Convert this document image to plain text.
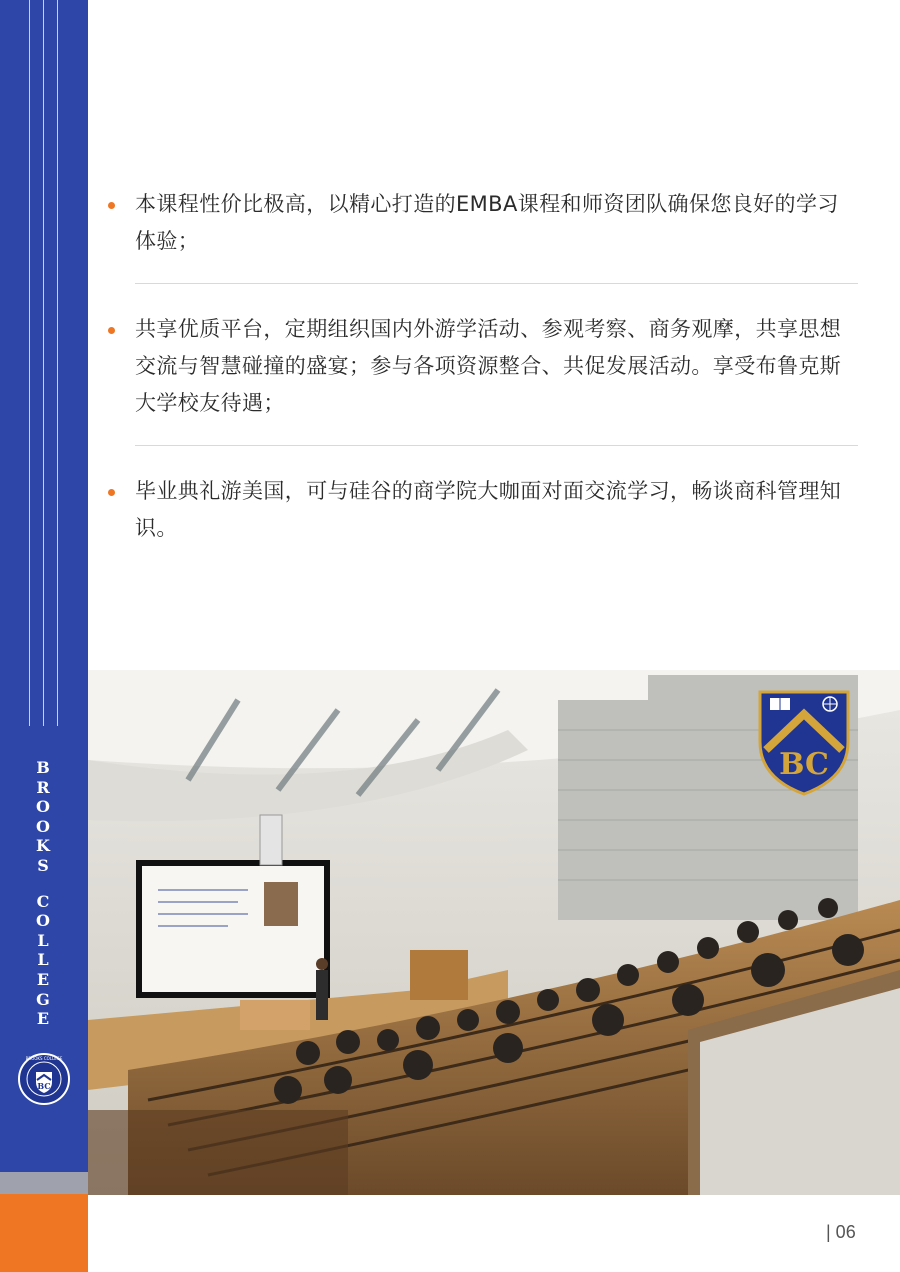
B
R
O
O
K
S
C
O
L
L
E
G
E
BC
BROOKS COLLEGE
本课程性价比极高，以精心打造的EMBA课程和师资团队确保您良好的学习体验；
共享优质平台，定期组织国内外游学活动、参观考察、商务观摩，共享思想交流与智慧碰撞的盛宴；参与各项资源整合、共促发展活动。享受布鲁克斯大学校友待遇；
毕业典礼游美国，可与硅谷的商学院大咖面对面交流学习，畅谈商科管理知识。
BC
| 06
